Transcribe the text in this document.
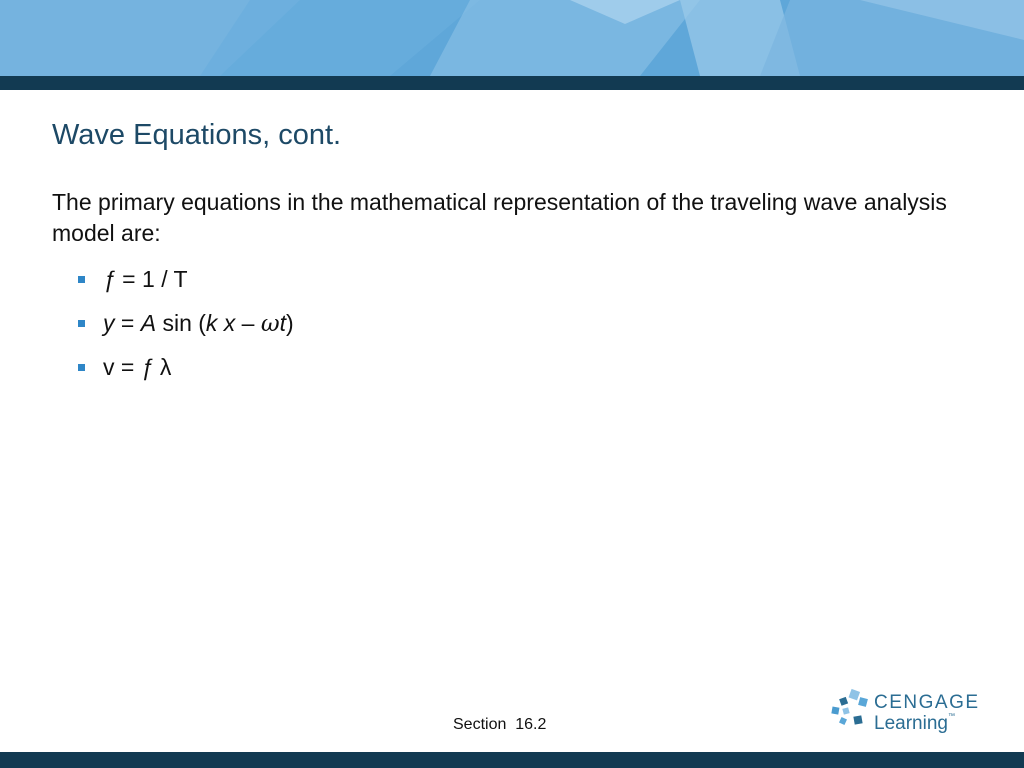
Wave Equations, cont.

The primary equations in the mathematical representation of the traveling wave analysis model are:

ƒ = 1 / T
y = A sin (k x – ωt)
v = ƒ λ
Section  16.2
CENGAGE
Learning™
